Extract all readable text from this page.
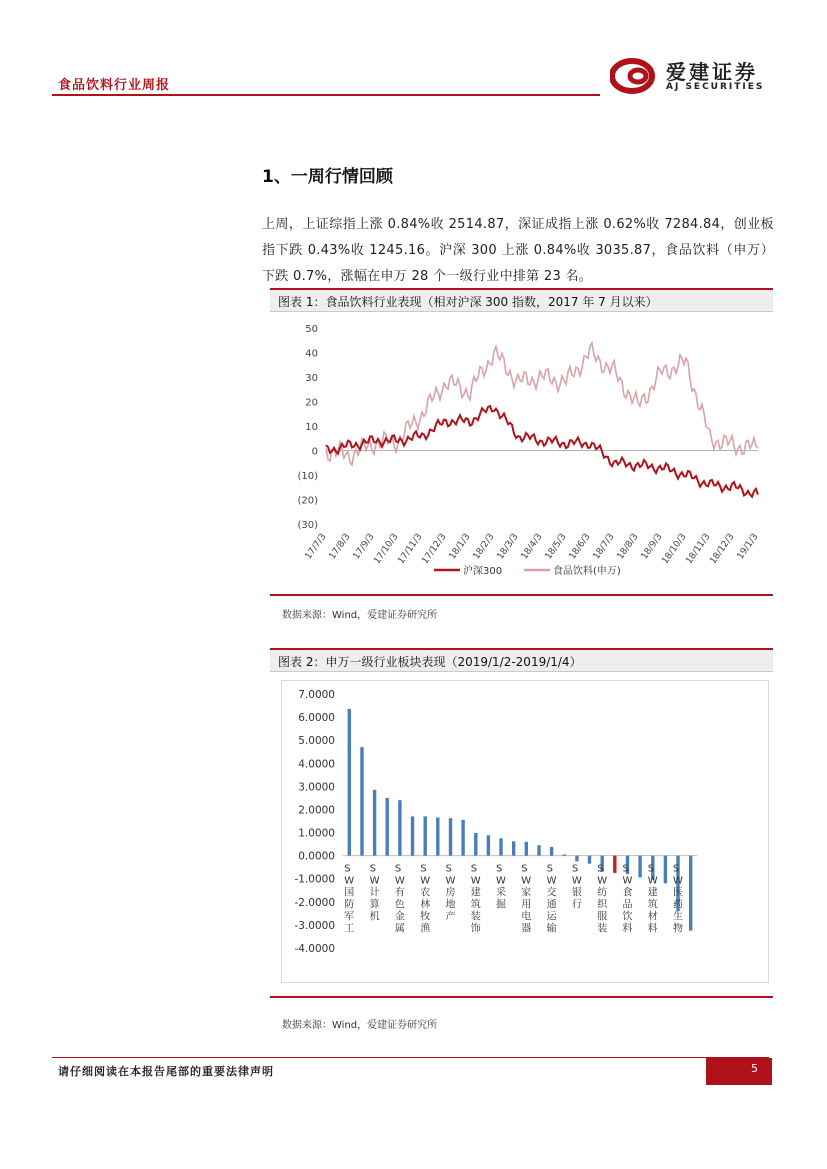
食品饮料行业周报
爱建证券
AJ SECURITIES
1、一周行情回顾
上周，上证综指上涨 0.84%收 2514.87，深证成指上涨 0.62%收 7284.84，创业板指下跌 0.43%收 1245.16。沪深 300 上涨 0.84%收 3035.87，食品饮料（申万）下跌 0.7%，涨幅在申万 28 个一级行业中排第 23 名。
图表 1：食品饮料行业表现（相对沪深 300 指数，2017 年 7 月以来）
50
40
30
20
10
0
(10)
(20)
(30)
17/7/3 17/8/3 17/9/3
17/10/3
17/11/3
17/12/3 18/1/3 18/2/3 18/3/3 18/4/3 18/5/3 18/6/3 18/7/3 18/8/3 18/9/3
18/10/3
18/11/3
18/12/3 19/1/3
沪深300	食品饮料(申万)
数据来源：Wind，爱建证券研究所
图表 2：申万一级行业板块表现（2019/1/2-2019/1/4）
7.0000
6.0000
5.0000
4.0000
3.0000
2.0000
1.0000
0.0000
-1.0000
-2.0000
-3.0000
-4.0000
S W 国防军工
S W 计算机
S W 有色金属
S W 农林牧渔
S W 房地产
S W 建筑装饰
S W 采掘
S W 家用电器
S W 交通运输
S W 银行
S W 纺织服装
S W 食品饮料
S W 建筑材料
S W 医药生物
数据来源：Wind，爱建证券研究所
请仔细阅读在本报告尾部的重要法律声明	5
